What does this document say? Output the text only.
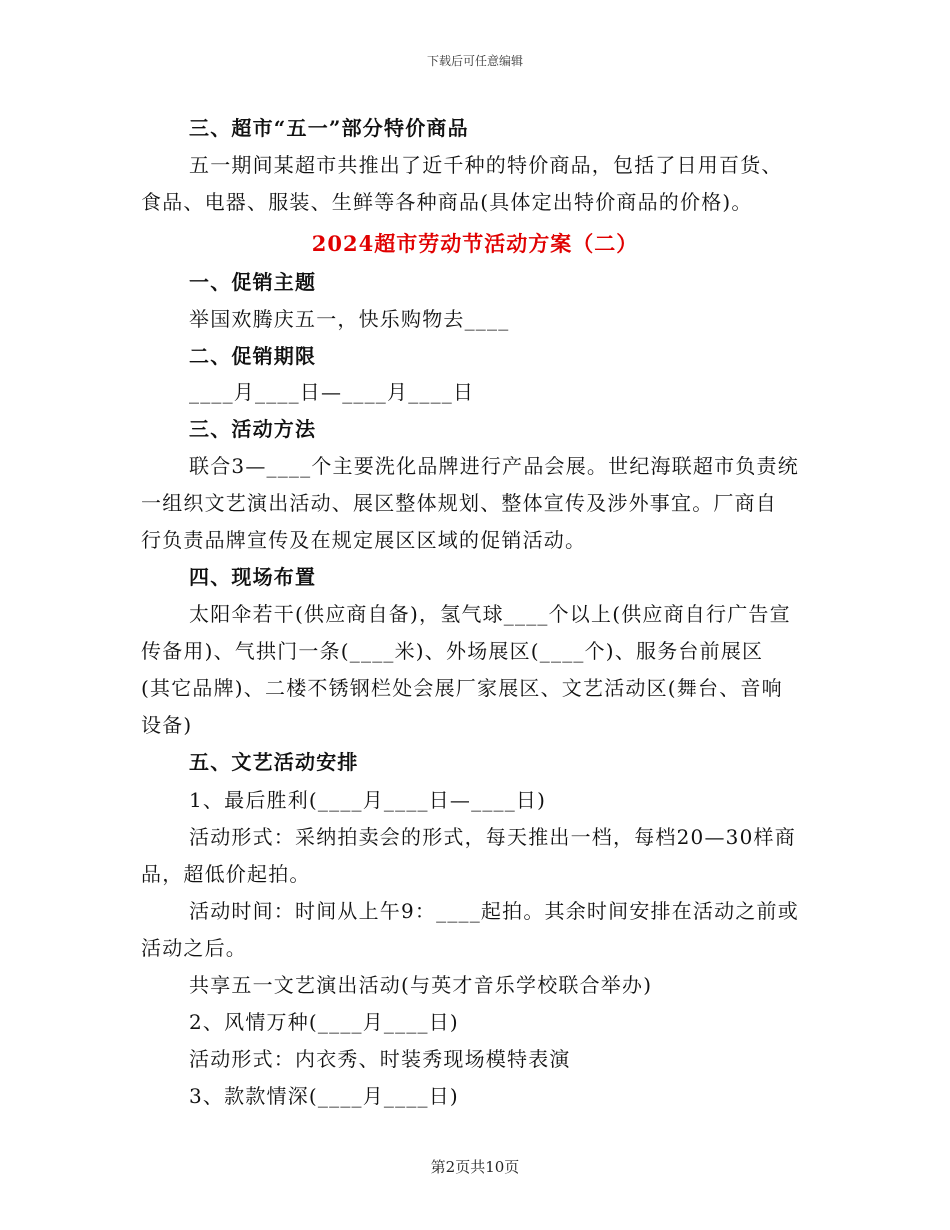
下载后可任意编辑
三、超市“五一”部分特价商品
五一期间某超市共推出了近千种的特价商品，包括了日用百货、
食品、电器、服装、生鲜等各种商品(具体定出特价商品的价格)。
2024超市劳动节活动方案（二）
一、促销主题
举国欢腾庆五一，快乐购物去____
二、促销期限
____月____日—____月____日
三、活动方法
联合3—____个主要洗化品牌进行产品会展。世纪海联超市负责统
一组织文艺演出活动、展区整体规划、整体宣传及涉外事宜。厂商自
行负责品牌宣传及在规定展区区域的促销活动。
四、现场布置
太阳伞若干(供应商自备)，氢气球____个以上(供应商自行广告宣
传备用)、气拱门一条(____米)、外场展区(____个)、服务台前展区
(其它品牌)、二楼不锈钢栏处会展厂家展区、文艺活动区(舞台、音响
设备)
五、文艺活动安排
1、最后胜利(____月____日—____日)
活动形式：采纳拍卖会的形式，每天推出一档，每档20—30样商
品，超低价起拍。
活动时间：时间从上午9：____起拍。其余时间安排在活动之前或
活动之后。
共享五一文艺演出活动(与英才音乐学校联合举办)
2、风情万种(____月____日)
活动形式：内衣秀、时装秀现场模特表演
3、款款情深(____月____日)
第2页共10页
